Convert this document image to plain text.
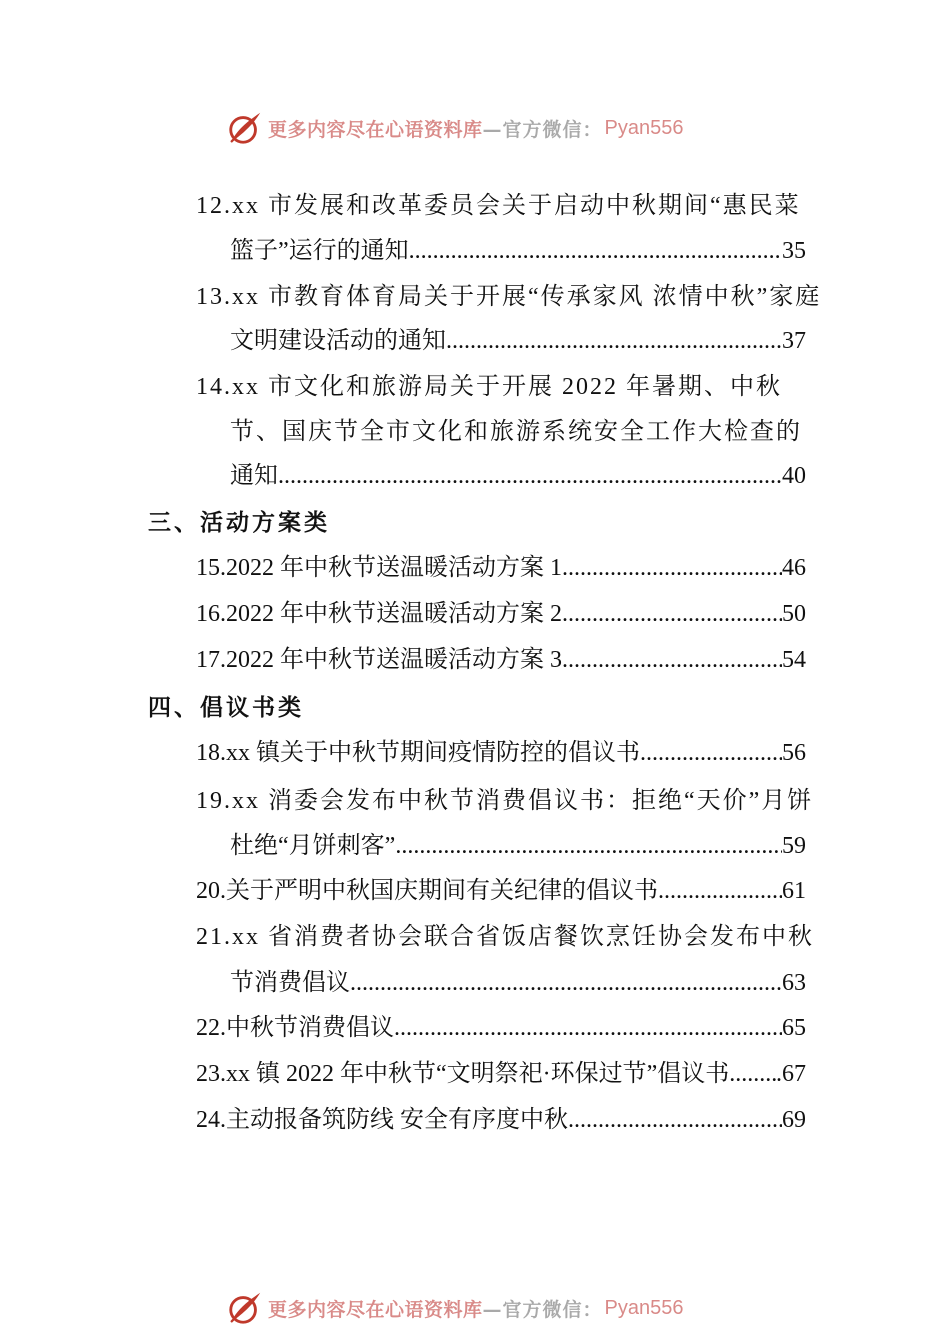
更多内容尽在心语资料库 —官方微信： Pyan556
12.xx 市发展和改革委员会关于启动中秋期间“惠民菜
篮子”运行的通知 .....	35
13.xx 市教育体育局关于开展“传承家风 浓情中秋”家庭
文明建设活动的通知 .....	37
14.xx 市文化和旅游局关于开展 2022 年暑期、中秋
节、国庆节全市文化和旅游系统安全工作大检查的
通知 .....	40
三、活动方案类
15.2022 年中秋节送温暖活动方案 1 .....	46
16.2022 年中秋节送温暖活动方案 2 .....	50
17.2022 年中秋节送温暖活动方案 3 .....	54
四、倡议书类
18.xx 镇关于中秋节期间疫情防控的倡议书 .....	56
19.xx 消委会发布中秋节消费倡议书：拒绝“天价”月饼
杜绝“月饼刺客” .....	59
20.关于严明中秋国庆期间有关纪律的倡议书 .....	61
21.xx 省消费者协会联合省饭店餐饮烹饪协会发布中秋
节消费倡议 .....	63
22.中秋节消费倡议 .....	65
23.xx 镇 2022 年中秋节“文明祭祀·环保过节”倡议书. ..... .67
24.主动报备筑防线 安全有序度中秋 .....	69
更多内容尽在心语资料库 —官方微信： Pyan556
